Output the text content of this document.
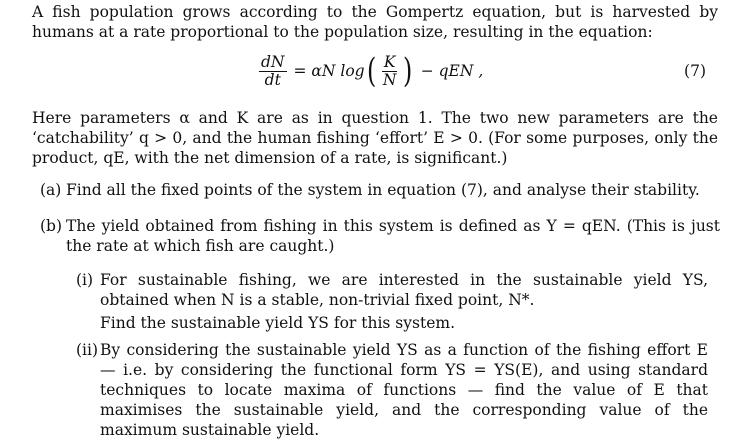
A fish population grows according to the Gompertz equation, but is harvested by humans at a rate proportional to the population size, resulting in the equation:

$\frac{dN}{dt} = \alpha N$ log ( $\frac{K}{N}$ ) − qEN ,	(7)

Here parameters α and K are as in question 1. The two new parameters are the ‘catchability’ q > 0, and the human fishing ‘effort’ E > 0. (For some purposes, only the product, qE, with the net dimension of a rate, is significant.)

(a) Find all the fixed points of the system in equation (7), and analyse their stability.
(b) The yield obtained from fishing in this system is defined as Y = qEN. (This is just the rate at which fish are caught.)
(i) For sustainable fishing, we are interested in the sustainable yield YS, obtained when N is a stable, non-trivial fixed point, N*.
Find the sustainable yield YS for this system.
(ii) By considering the sustainable yield YS as a function of the fishing effort E — i.e. by considering the functional form YS = YS(E), and using standard techniques to locate maxima of functions — find the value of E that maximises the sustainable yield, and the corresponding value of the maximum sustainable yield.
